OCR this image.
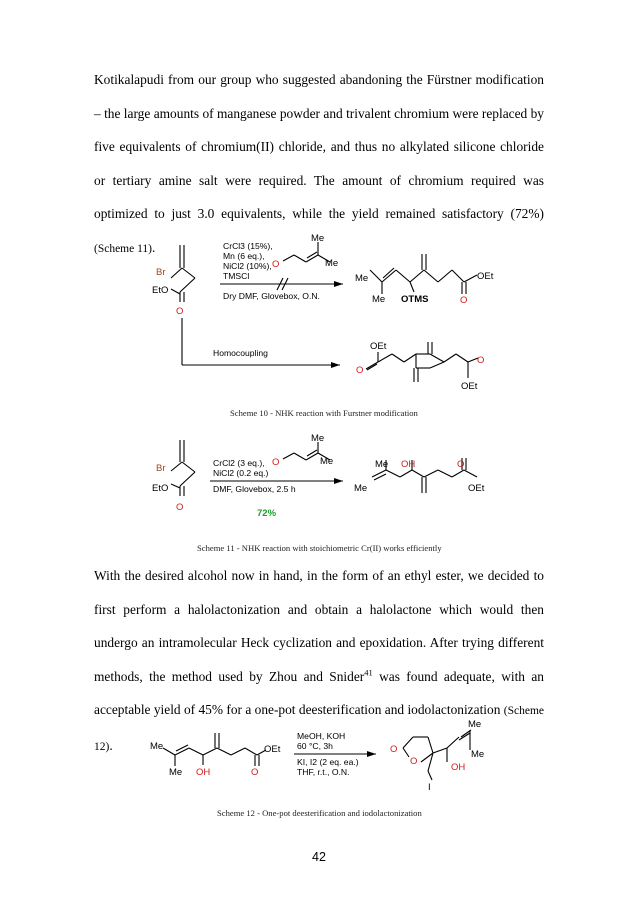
Kotikalapudi from our group who suggested abandoning the Fürstner modification – the large amounts of manganese powder and trivalent chromium were replaced by five equivalents of chromium(II) chloride, and thus no alkylated silicone chloride or tertiary amine salt were required. The amount of chromium required was optimized to just 3.0 equivalents, while the yield remained satisfactory (72%) (Scheme 11).

Br
EtO
O
O
Me
Me
CrCl3 (15%),
Mn (6 eq.),
NiCl2 (10%),
TMSCl
Dry DMF, Glovebox, O.N.
Me
Me OTMS	O
OEt
Homocoupling
OEt
O
O
OEt
Scheme 10 - NHK reaction with Furstner modification
Br
EtO
O
O
Me
Me
CrCl2 (3 eq.),
NiCl2 (0.2 eq.)
DMF, Glovebox, 2.5 h
72%
Me OH	O
Me	OEt
Scheme 11 - NHK reaction with stoichiometric Cr(II) works efficiently

With the desired alcohol now in hand, in the form of an ethyl ester, we decided to first perform a halolactonization and obtain a halolactone which would then undergo an intramolecular Heck cyclization and epoxidation. After trying different methods, the method used by Zhou and Snider$^{41}$ was found adequate, with an acceptable yield of 45% for a one-pot deesterification and iodolactonization (Scheme 12).	Me
Me OH	O
OEt
MeOH, KOH
60 °C, 3h
KI, I2 (2 eq. ea.)
THF, r.t., O.N.
O
O
OH
Me
Me
I
Scheme 12 - One-pot deesterification and iodolactonization
42
